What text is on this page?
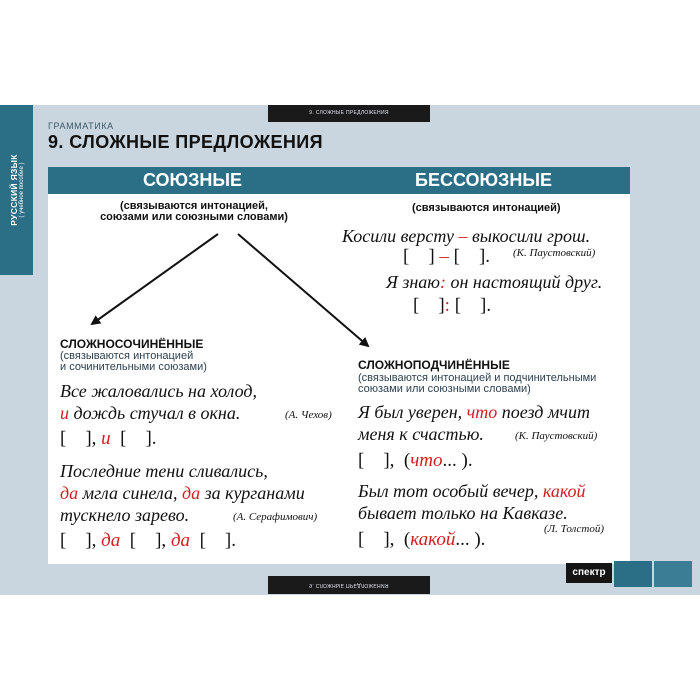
9. СЛОЖНЫЕ ПРЕДЛОЖЕНИЯ
9. СЛОЖНЫЕ ПРЕДЛОЖЕНИЯ
РУССКИЙ ЯЗЫК ( учебное пособие )
ГРАММАТИКА
9. СЛОЖНЫЕ ПРЕДЛОЖЕНИЯ
СОЮЗНЫЕ	БЕССОЮЗНЫЕ
(связываются интонацией,
союзами или союзными словами)
СЛОЖНОСОЧИНЁННЫЕ
(связываются интонацией
и сочинительными союзами)
Все жаловались на холод,
и дождь стучал в окна.	(А. Чехов)
[    ], и  [    ].
Последние тени сливались,
да мгла синела, да за курганами
тускнело зарево.	(А. Серафимович)
[    ], да  [    ], да  [    ].
(связываются интонацией)
Косили версту – выкосили грош.
(К. Паустовский)
[    ] – [    ].
Я знаю: он настоящий друг.
[    ]: [    ].
СЛОЖНОПОДЧИНЁННЫЕ
(связываются интонацией и подчинительными
союзами или союзными словами)
Я был уверен, что поезд мчит
меня к счастью.	(К. Паустовский)
[    ],  (что... ).
Был тот особый вечер, какой
бывает только на Кавказе.
(Л. Толстой)
[    ],  (какой... ).
спектр
